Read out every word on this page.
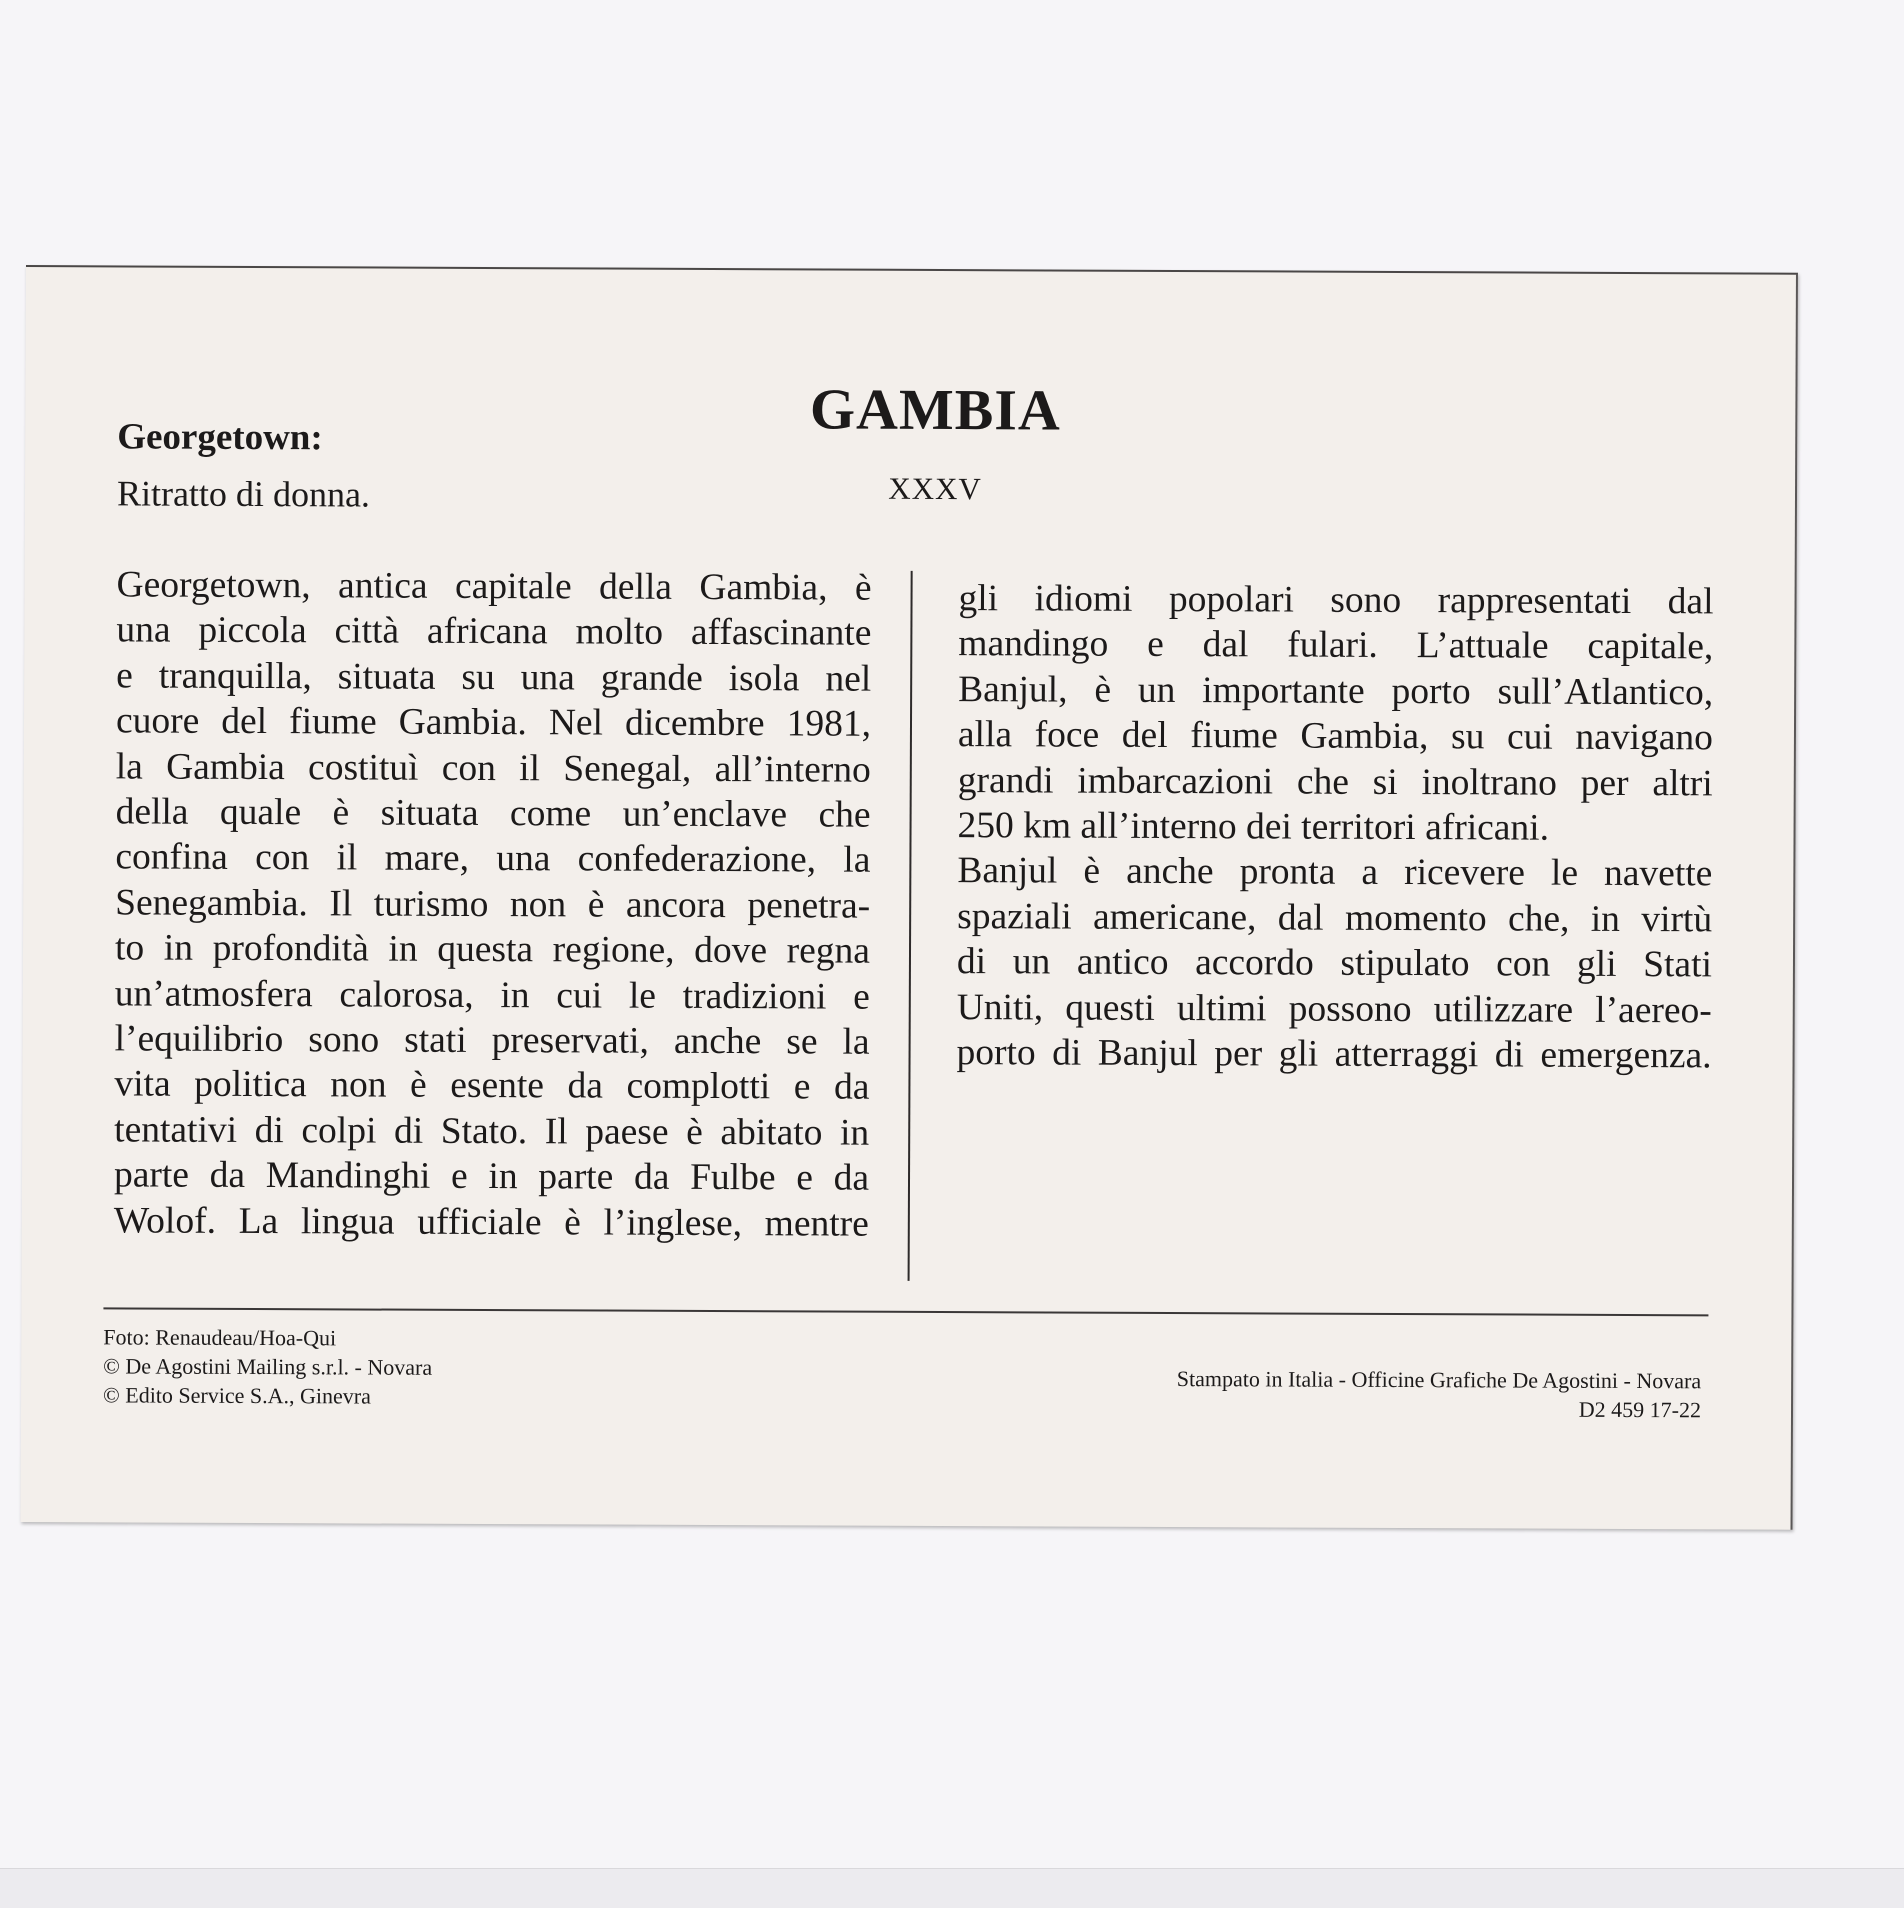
GAMBIA
XXXV
Georgetown:
Ritratto di donna.

Georgetown, antica capitale della Gambia, è

una piccola città africana molto affascinante

e tranquilla, situata su una grande isola nel

cuore del fiume Gambia. Nel dicembre 1981,

la Gambia costituì con il Senegal, all’interno

della quale è situata come un’enclave che

confina con il mare, una confederazione, la

Senegambia. Il turismo non è ancora penetra-

to in profondità in questa regione, dove regna

un’atmosfera calorosa, in cui le tradizioni e

l’equilibrio sono stati preservati, anche se la

vita politica non è esente da complotti e da

tentativi di colpi di Stato. Il paese è abitato in

parte da Mandinghi e in parte da Fulbe e da

Wolof. La lingua ufficiale è l’inglese, mentre

gli idiomi popolari sono rappresentati dal

mandingo e dal fulari. L’attuale capitale,

Banjul, è un importante porto sull’Atlantico,

alla foce del fiume Gambia, su cui navigano

grandi imbarcazioni che si inoltrano per altri

250 km all’interno dei territori africani.

Banjul è anche pronta a ricevere le navette

spaziali americane, dal momento che, in virtù

di un antico accordo stipulato con gli Stati

Uniti, questi ultimi possono utilizzare l’aereo-

porto di Banjul per gli atterraggi di emergenza.

Foto: Renaudeau/Hoa-Qui
© De Agostini Mailing s.r.l. - Novara
© Edito Service S.A., Ginevra
Stampato in Italia - Officine Grafiche De Agostini - Novara
D2 459 17-22
